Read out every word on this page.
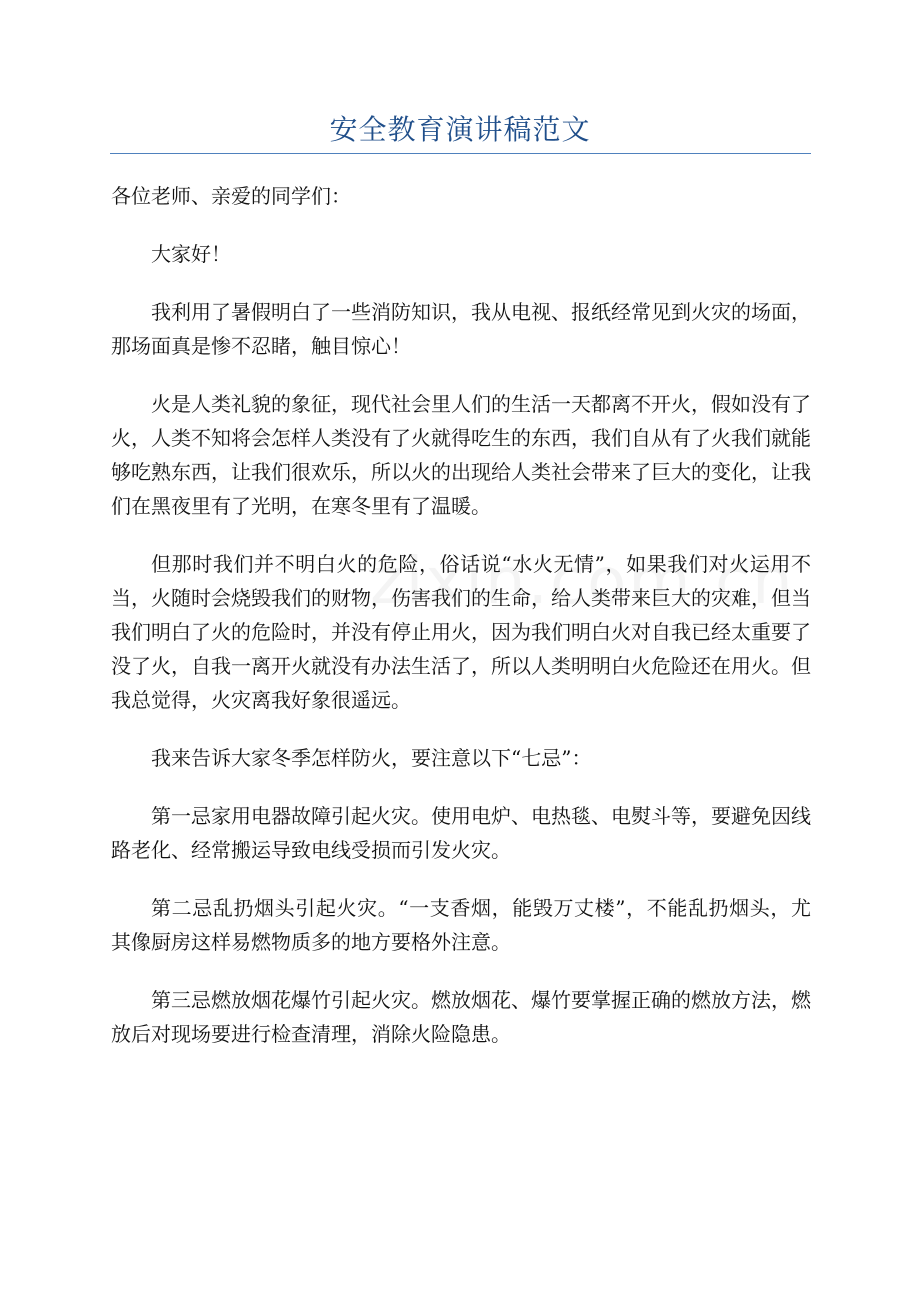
安全教育演讲稿范文

各位老师、亲爱的同学们：

大家好！

我利用了暑假明白了一些消防知识，我从电视、报纸经常见到火灾的场面，那场面真是惨不忍睹，触目惊心！

火是人类礼貌的象征，现代社会里人们的生活一天都离不开火，假如没有了火，人类不知将会怎样人类没有了火就得吃生的东西，我们自从有了火我们就能够吃熟东西，让我们很欢乐，所以火的出现给人类社会带来了巨大的变化，让我们在黑夜里有了光明，在寒冬里有了温暖。

但那时我们并不明白火的危险，俗话说“水火无情”，如果我们对火运用不当，火随时会烧毁我们的财物，伤害我们的生命，给人类带来巨大的灾难，但当我们明白了火的危险时，并没有停止用火，因为我们明白火对自我已经太重要了没了火，自我一离开火就没有办法生活了，所以人类明明白火危险还在用火。但我总觉得，火灾离我好象很遥远。

我来告诉大家冬季怎样防火，要注意以下“七忌”：

第一忌家用电器故障引起火灾。使用电炉、电热毯、电熨斗等，要避免因线路老化、经常搬运导致电线受损而引发火灾。

第二忌乱扔烟头引起火灾。“一支香烟，能毁万丈楼”，不能乱扔烟头，尤其像厨房这样易燃物质多的地方要格外注意。

第三忌燃放烟花爆竹引起火灾。燃放烟花、爆竹要掌握正确的燃放方法，燃放后对现场要进行检查清理，消除火险隐患。
